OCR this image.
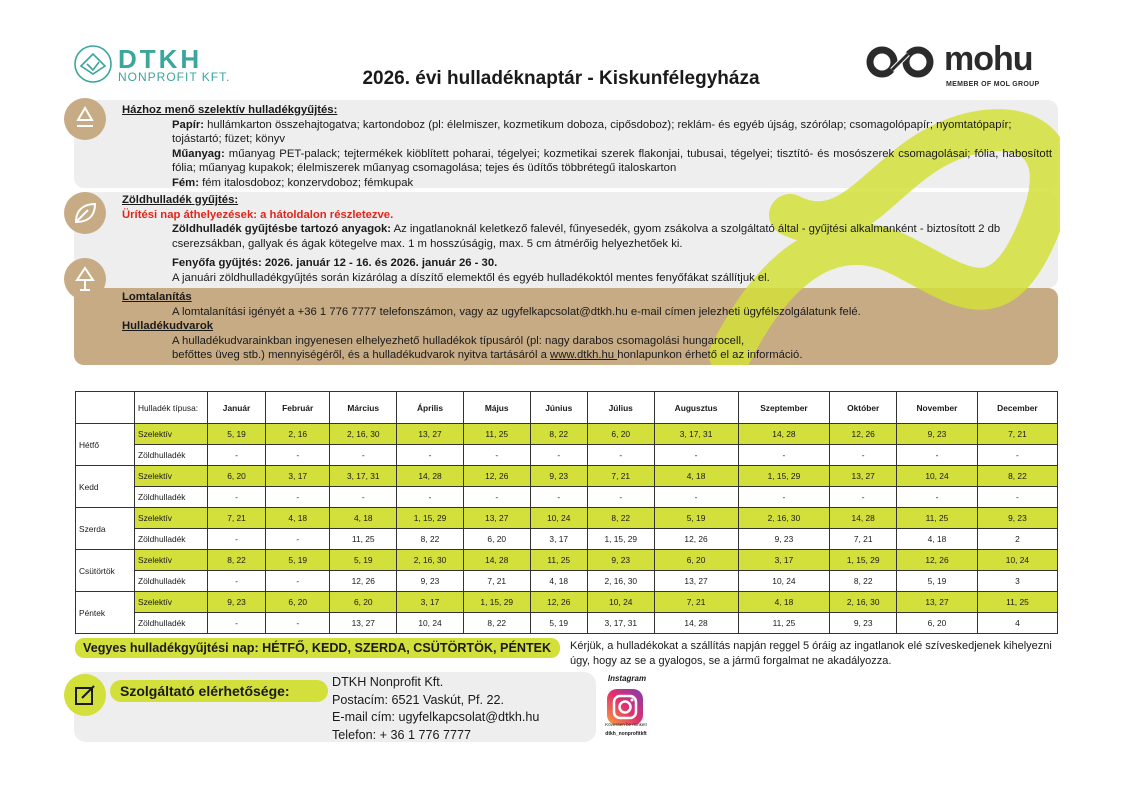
DTKH
NONPROFIT KFT.	2026. évi hulladéknaptár - Kiskunfélegyháza
mohu
MEMBER OF MOL GROUP
Házhoz menő szelektív hulladékgyűjtés:
Papír: hullámkarton összehajtogatva; kartondoboz (pl: élelmiszer, kozmetikum doboza, cipősdoboz); reklám- és egyéb újság, szórólap; csomagolópapír; nyomtatópapír; tojástartó; füzet; könyv
Műanyag: műanyag PET-palack; tejtermékek kiöblített poharai, tégelyei; kozmetikai szerek flakonjai, tubusai, tégelyei; tisztító- és mosószerek csomagolásai; fólia, habosított fólia; műanyag kupakok; élelmiszerek műanyag csomagolása; tejes és üdítős többrétegű italoskarton
Fém: fém italosdoboz; konzervdoboz; fémkupak
Zöldhulladék gyűjtés:
Ürítési nap áthelyezések: a hátoldalon részletezve.
Zöldhulladék gyűjtésbe tartozó anyagok: Az ingatlanoknál keletkező falevél, fűnyesedék, gyom zsákolva a szolgáltató által - gyűjtési alkalmanként - biztosított 2 db cserezsákban, gallyak és ágak kötegelve max. 1 m hosszúságig, max. 5 cm átmérőig helyezhetőek ki.
Fenyőfa gyűjtés: 2026. január 12 - 16. és 2026. január 26 - 30.
A januári zöldhulladékgyűjtés során kizárólag a díszítő elemektől és egyéb hulladékoktól mentes fenyőfákat szállítjuk el.
Lomtalanítás
A lomtalanítási igényét a +36 1 776 7777 telefonszámon, vagy az ugyfelkapcsolat@dtkh.hu e-mail címen jelezheti ügyfélszolgálatunk felé.
Hulladékudvarok
A hulladékudvarainkban ingyenesen elhelyezhető hulladékok típusáról (pl: nagy darabos csomagolási hungarocell,
befőttes üveg stb.) mennyiségéről, és a hulladékudvarok nyitva tartásáról a www.dtkh.hu honlapunkon érhető el az információ.
	Hulladék típusa:	Január	Február	Március	Április	Május	Június	Július	Augusztus	Szeptember	Október	November	December
Hétfő	Szelektív	5, 19	2, 16	2, 16, 30	13, 27	11, 25	8, 22	6, 20	3, 17, 31	14, 28	12, 26	9, 23	7, 21
	Zöldhulladék	-	-	-	-	-	-	-	-	-	-	-	-
Kedd	Szelektív	6, 20	3, 17	3, 17, 31	14, 28	12, 26	9, 23	7, 21	4, 18	1, 15, 29	13, 27	10, 24	8, 22
	Zöldhulladék	-	-	-	-	-	-	-	-	-	-	-	-
Szerda	Szelektív	7, 21	4, 18	4, 18	1, 15, 29	13, 27	10, 24	8, 22	5, 19	2, 16, 30	14, 28	11, 25	9, 23
	Zöldhulladék	-	-	11, 25	8, 22	6, 20	3, 17	1, 15, 29	12, 26	9, 23	7, 21	4, 18	2
Csütörtök	Szelektív	8, 22	5, 19	5, 19	2, 16, 30	14, 28	11, 25	9, 23	6, 20	3, 17	1, 15, 29	12, 26	10, 24
	Zöldhulladék	-	-	12, 26	9, 23	7, 21	4, 18	2, 16, 30	13, 27	10, 24	8, 22	5, 19	3
Péntek	Szelektív	9, 23	6, 20	6, 20	3, 17	1, 15, 29	12, 26	10, 24	7, 21	4, 18	2, 16, 30	13, 27	11, 25
	Zöldhulladék	-	-	13, 27	10, 24	8, 22	5, 19	3, 17, 31	14, 28	11, 25	9, 23	6, 20	4
Vegyes hulladékgyűjtési nap: HÉTFŐ, KEDD, SZERDA, CSÜTÖRTÖK, PÉNTEK	Kérjük, a hulladékokat a szállítás napján reggel 5 óráig az ingatlanok elé szíveskedjenek kihelyezni úgy, hogy az se a gyalogos, se a jármű forgalmat ne akadályozza.
Szolgáltató elérhetősége:
DTKH Nonprofit Kft.
Postacím: 6521 Vaskút, Pf. 22.
E-mail cím: ugyfelkapcsolat@dtkh.hu
Telefon: + 36 1 776 7777
Instagram
Kövessen be minket!
dtkh_nonprofitkft
